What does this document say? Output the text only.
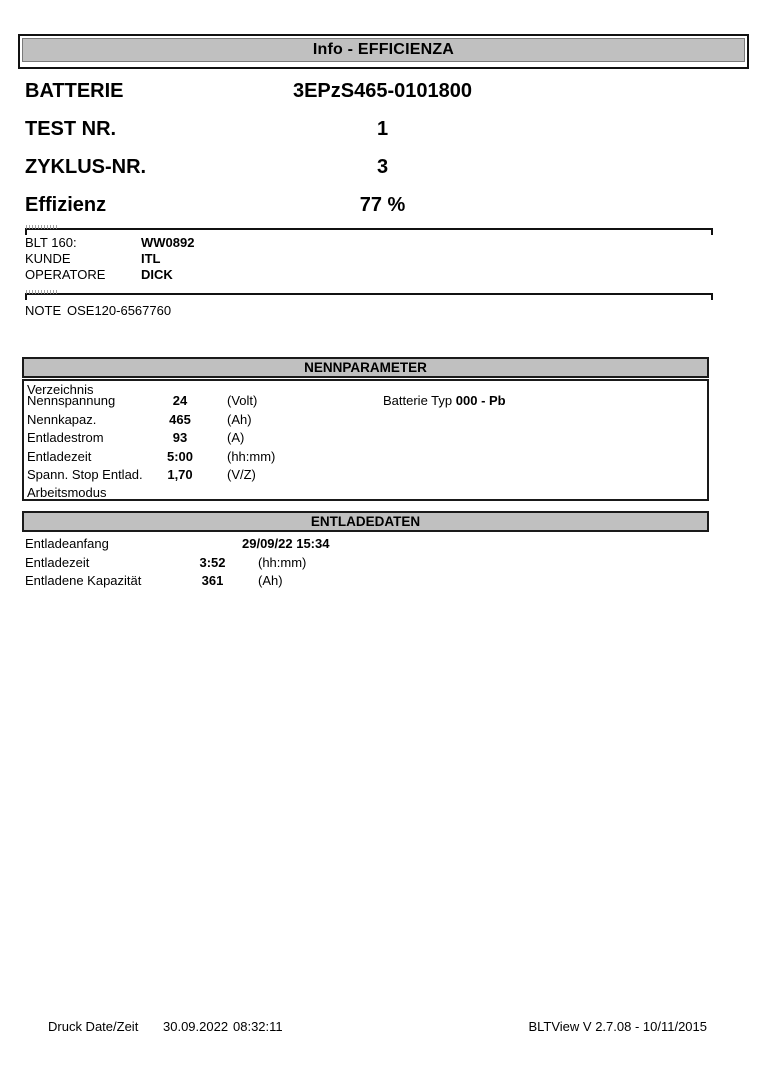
Info - EFFICIENZA
BATTERIE	3EPzS465-0101800
TEST NR.	1
ZYKLUS-NR.	3
Effizienz	77 %
BLT 160:	WW0892
KUNDE	ITL
OPERATORE	DICK
NOTE OSE120-6567760
NENNPARAMETER
Verzeichnis
Nennspannung	24	(Volt)	Batterie Typ 000 - Pb
Nennkapaz.	465	(Ah)
Entladestrom	93	(A)
Entladezeit	5:00	(hh:mm)
Spann. Stop Entlad.	1,70	(V/Z)
Arbeitsmodus
ENTLADEDATEN
Entladeanfang	29/09/22 15:34
Entladezeit	3:52	(hh:mm)
Entladene Kapazität	361	(Ah)
Druck Date/Zeit 30.09.2022 08:32:11	BLTView V 2.7.08 - 10/11/2015
